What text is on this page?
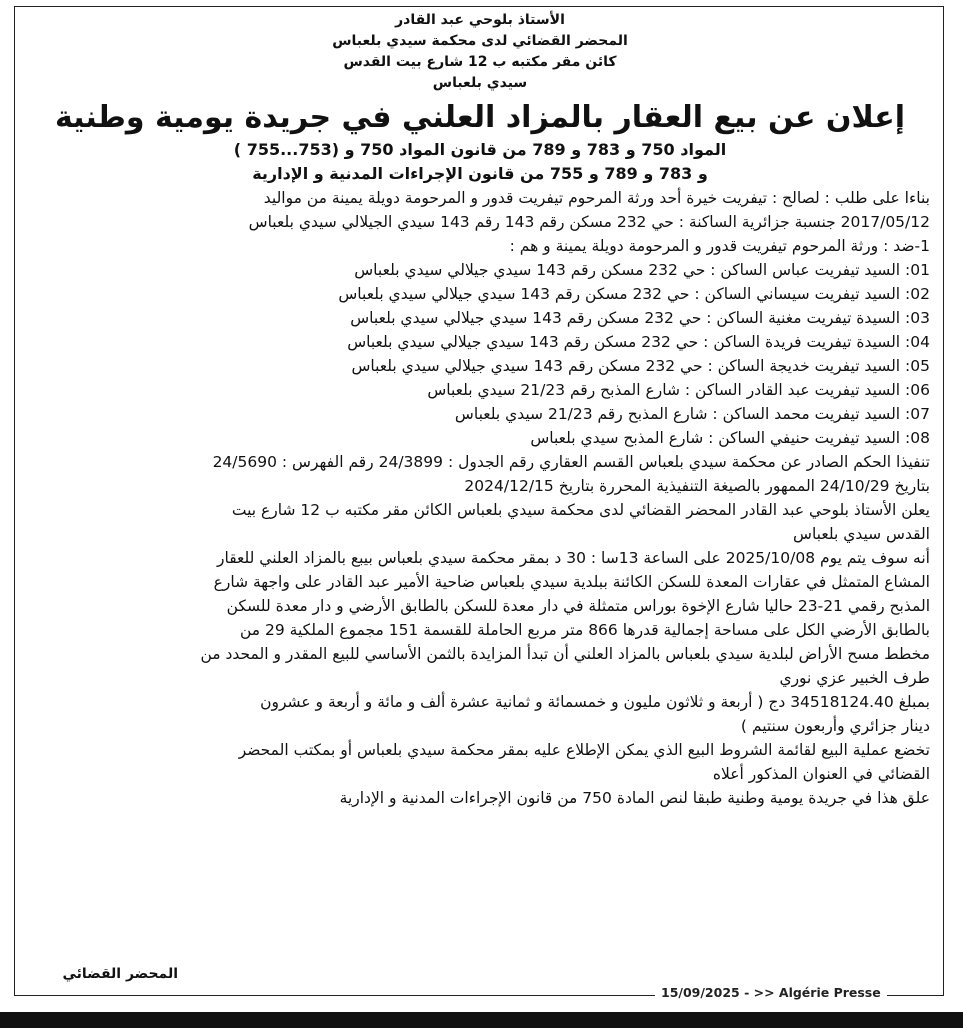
الأستاذ بلوحي عبد القادر
المحضر القضائي لدى محكمة سيدي بلعباس
كائن مقر مكتبه ب 12 شارع بيت القدس
سيدي بلعباس
إعلان عن بيع العقار بالمزاد العلني في جريدة يومية وطنية
المواد 750 و 783 و 789 من قانون المواد 750 و (753...755 )
و 783 و 789 و 755 من قانون الإجراءات المدنية و الإدارية
بناءا على طلب : لصالح : تيفريت خيرة أحد ورثة المرحوم تيفريت قدور و المرحومة دويلة يمينة من مواليد
2017/05/12 جنسبة جزائرية الساكنة : حي 232 مسكن رقم 143 رقم 143 سيدي الجيلالي سيدي بلعباس
1-ضد : ورثة المرحوم تيفريت قدور و المرحومة دويلة يمينة و هم :
01: السيد تيفريت عباس الساكن : حي 232 مسكن رقم 143 سيدي جيلالي سيدي بلعباس
02: السيد تيفريت سيساني الساكن : حي 232 مسكن رقم 143 سيدي جيلالي سيدي بلعباس
03: السيدة تيفريت مغنية الساكن : حي 232 مسكن رقم 143 سيدي جيلالي سيدي بلعباس
04: السيدة تيفريت فريدة الساكن : حي 232 مسكن رقم 143 سيدي جيلالي سيدي بلعباس
05: السيد تيفريت خديجة الساكن : حي 232 مسكن رقم 143 سيدي جيلالي سيدي بلعباس
06: السيد تيفريت عبد القادر الساكن : شارع المذبح رقم 21/23 سيدي بلعباس
07: السيد تيفريت محمد الساكن : شارع المذبح رقم 21/23 سيدي بلعباس
08: السيد تيفريت حنيفي الساكن : شارع المذبح سيدي بلعباس
تنفيذا الحكم الصادر عن محكمة سيدي بلعباس القسم العقاري رقم الجدول : 24/3899 رقم الفهرس : 24/5690
بتاريخ 24/10/29 الممهور بالصيغة التنفيذية المحررة بتاريخ 2024/12/15
يعلن الأستاذ بلوحي عبد القادر المحضر القضائي لدى محكمة سيدي بلعباس الكائن مقر مكتبه ب 12 شارع بيت
القدس سيدي بلعباس
أنه سوف يتم يوم 2025/10/08 على الساعة 13سا : 30 د بمقر محكمة سيدي بلعباس بيبع بالمزاد العلني للعقار
المشاع المتمثل في عقارات المعدة للسكن الكائنة ببلدية سيدي بلعباس ضاحية الأمير عبد القادر على واجهة شارع
المذبح رقمي 21-23 حاليا شارع الإخوة بوراس متمثلة في دار معدة للسكن بالطابق الأرضي و دار معدة للسكن
بالطابق الأرضي الكل على مساحة إجمالية قدرها 866 متر مربع الحاملة للقسمة 151 مجموع الملكية 29 من
مخطط مسح الأراض لبلدية سيدي بلعباس بالمزاد العلني أن تبدأ المزايدة بالثمن الأساسي للبيع المقدر و المحدد من
طرف الخبير عزي نوري
بمبلغ 34518124.40 دج ( أربعة و ثلاثون مليون و خمسمائة و ثمانية عشرة ألف و مائة و أربعة و عشرون
دينار جزائري وأربعون سنتيم )
تخضع عملية البيع لقائمة الشروط البيع الذي يمكن الإطلاع عليه بمقر محكمة سيدي بلعباس أو بمكتب المحضر
القضائي في العنوان المذكور أعلاه
علق هذا في جريدة يومية وطنية طبقا لنص المادة 750 من قانون الإجراءات المدنية و الإدارية
المحضر القضائي
15/09/2025 - >> Algérie Presse
